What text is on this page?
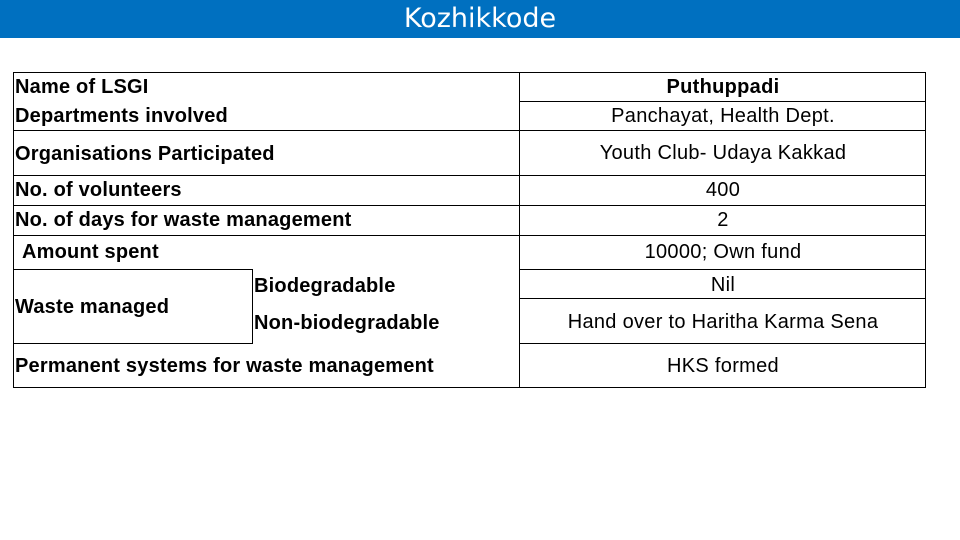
Kozhikkode
Name of LSGI
Departments involved
Organisations Participated
No. of volunteers
No. of days for waste management
Amount spent
Waste managed
Biodegradable
Non-biodegradable
Permanent systems for waste management
Puthuppadi
Panchayat, Health Dept.
Youth Club- Udaya Kakkad
400
2
10000; Own fund
Nil
Hand over to Haritha Karma Sena
HKS formed
